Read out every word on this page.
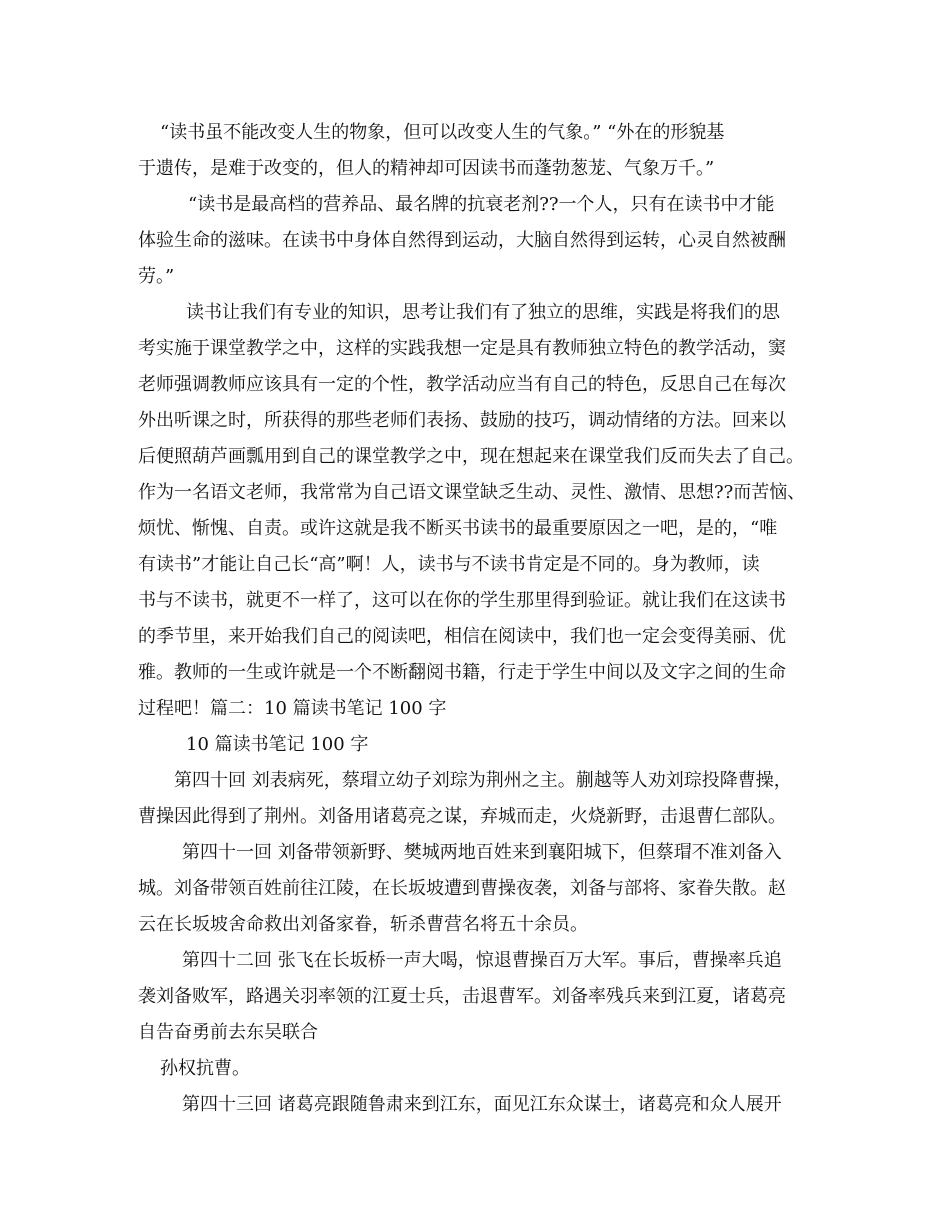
“读书虽不能改变人生的物象，但可以改变人生的气象。” “外在的形貌基
于遗传，是难于改变的，但人的精神却可因读书而蓬勃葱茏、气象万千。”
“读书是最高档的营养品、最名牌的抗衰老剂??一个人，只有在读书中才能
体验生命的滋味。在读书中身体自然得到运动，大脑自然得到运转，心灵自然被酬
劳。”
读书让我们有专业的知识，思考让我们有了独立的思维，实践是将我们的思
考实施于课堂教学之中，这样的实践我想一定是具有教师独立特色的教学活动，窦
老师强调教师应该具有一定的个性，教学活动应当有自己的特色，反思自己在每次
外出听课之时，所获得的那些老师们表扬、鼓励的技巧，调动情绪的方法。回来以
后便照葫芦画瓢用到自己的课堂教学之中，现在想起来在课堂我们反而失去了自己。
作为一名语文老师，我常常为自己语文课堂缺乏生动、灵性、激情、思想??而苦恼、
烦忧、惭愧、自责。或许这就是我不断买书读书的最重要原因之一吧，是的，“唯
有读书”才能让自己长“高”啊！人，读书与不读书肯定是不同的。身为教师，读
书与不读书，就更不一样了，这可以在你的学生那里得到验证。就让我们在这读书
的季节里，来开始我们自己的阅读吧，相信在阅读中，我们也一定会变得美丽、优
雅。教师的一生或许就是一个不断翻阅书籍，行走于学生中间以及文字之间的生命
过程吧！篇二：10 篇读书笔记 100 字
10 篇读书笔记 100 字
第四十回 刘表病死，蔡瑁立幼子刘琮为荆州之主。蒯越等人劝刘琮投降曹操，
曹操因此得到了荆州。刘备用诸葛亮之谋，弃城而走，火烧新野，击退曹仁部队。
第四十一回 刘备带领新野、樊城两地百姓来到襄阳城下，但蔡瑁不准刘备入
城。刘备带领百姓前往江陵，在长坂坡遭到曹操夜袭，刘备与部将、家眷失散。赵
云在长坂坡舍命救出刘备家眷，斩杀曹营名将五十余员。
第四十二回 张飞在长坂桥一声大喝，惊退曹操百万大军。事后，曹操率兵追
袭刘备败军，路遇关羽率领的江夏士兵，击退曹军。刘备率残兵来到江夏，诸葛亮
自告奋勇前去东吴联合
孙权抗曹。
第四十三回 诸葛亮跟随鲁肃来到江东，面见江东众谋士，诸葛亮和众人展开
